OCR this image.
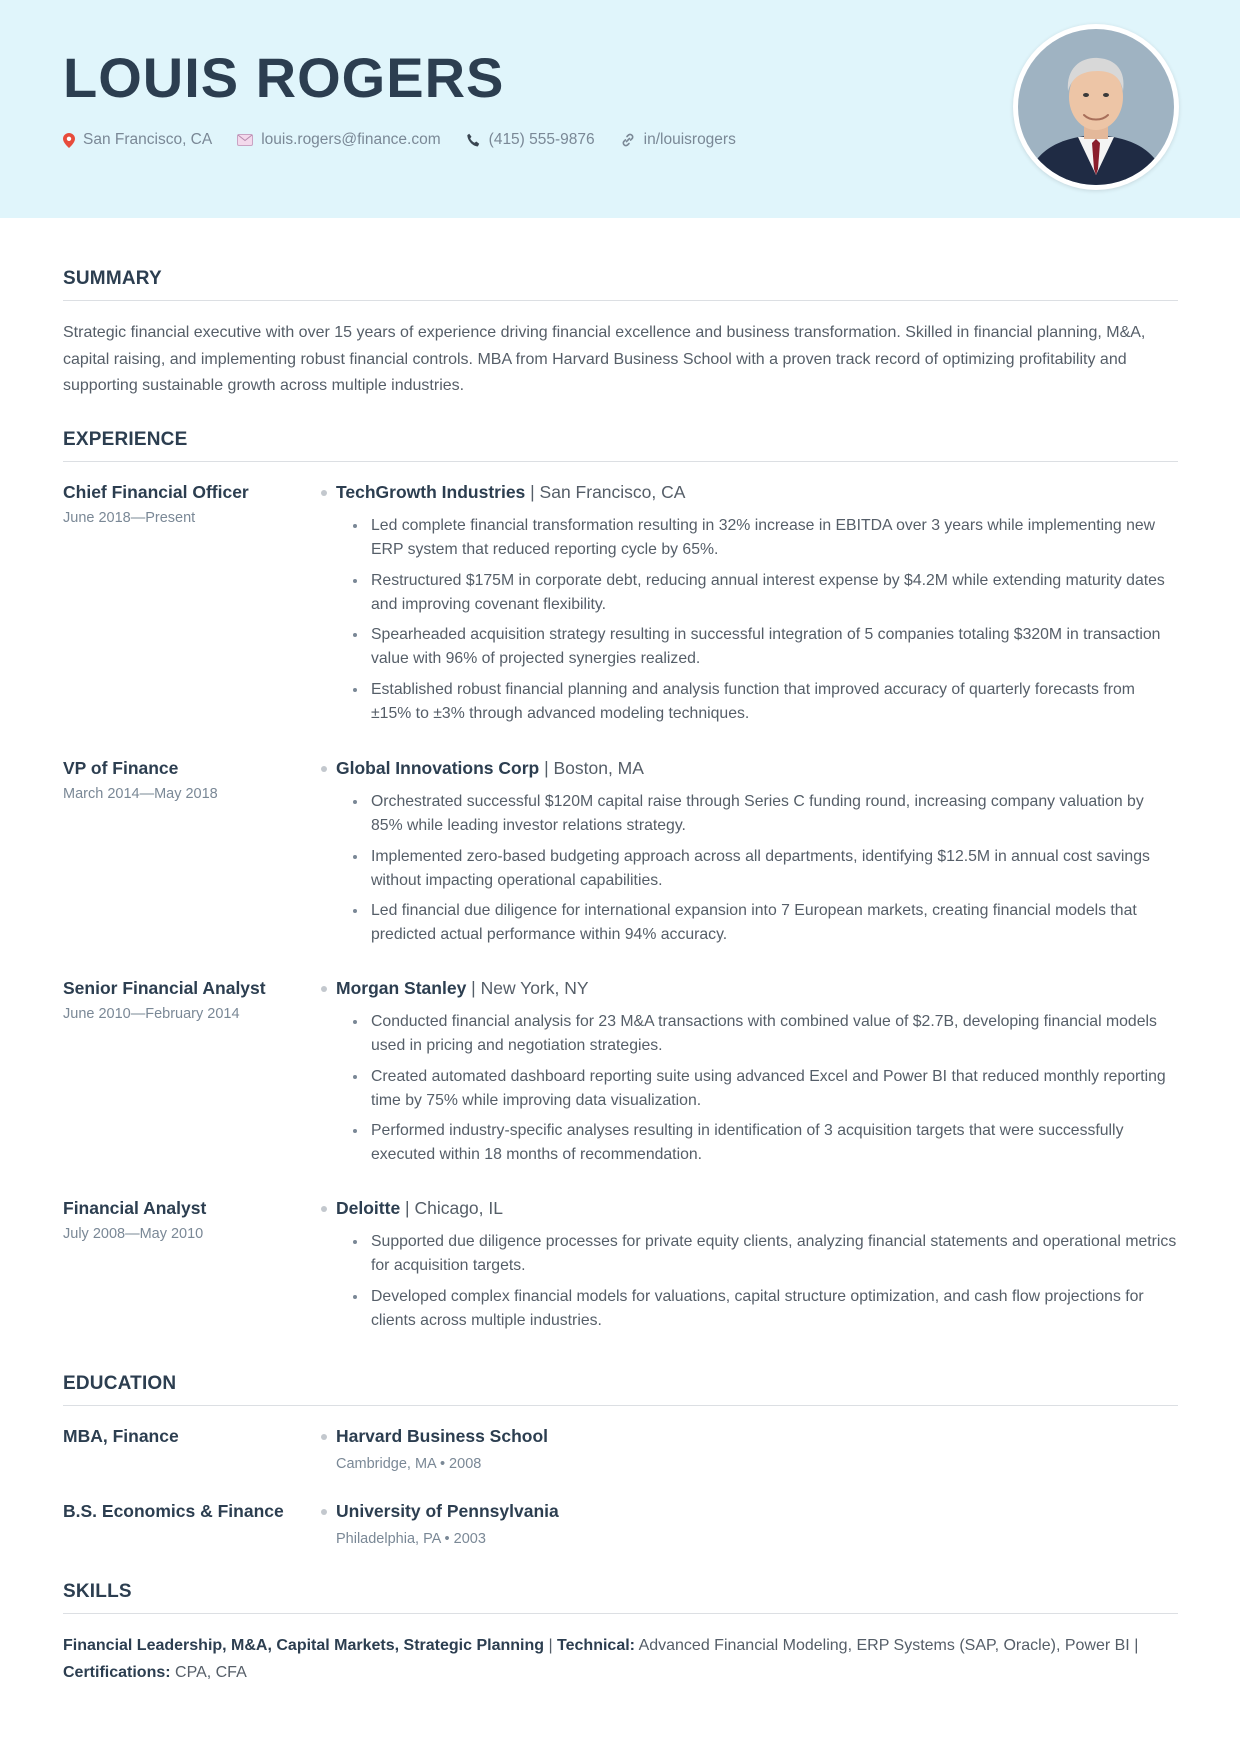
LOUIS ROGERS
San Francisco, CA	louis.rogers@finance.com	(415) 555-9876	in/louisrogers
SUMMARY
Strategic financial executive with over 15 years of experience driving financial excellence and business transformation. Skilled in financial planning, M&A, capital raising, and implementing robust financial controls. MBA from Harvard Business School with a proven track record of optimizing profitability and supporting sustainable growth across multiple industries.
EXPERIENCE
Chief Financial Officer
June 2018—Present
TechGrowth Industries | San Francisco, CA
Led complete financial transformation resulting in 32% increase in EBITDA over 3 years while implementing new ERP system that reduced reporting cycle by 65%.
Restructured $175M in corporate debt, reducing annual interest expense by $4.2M while extending maturity dates and improving covenant flexibility.
Spearheaded acquisition strategy resulting in successful integration of 5 companies totaling $320M in transaction value with 96% of projected synergies realized.
Established robust financial planning and analysis function that improved accuracy of quarterly forecasts from ±15% to ±3% through advanced modeling techniques.
VP of Finance
March 2014—May 2018
Global Innovations Corp | Boston, MA
Orchestrated successful $120M capital raise through Series C funding round, increasing company valuation by 85% while leading investor relations strategy.
Implemented zero-based budgeting approach across all departments, identifying $12.5M in annual cost savings without impacting operational capabilities.
Led financial due diligence for international expansion into 7 European markets, creating financial models that predicted actual performance within 94% accuracy.
Senior Financial Analyst
June 2010—February 2014
Morgan Stanley | New York, NY
Conducted financial analysis for 23 M&A transactions with combined value of $2.7B, developing financial models used in pricing and negotiation strategies.
Created automated dashboard reporting suite using advanced Excel and Power BI that reduced monthly reporting time by 75% while improving data visualization.
Performed industry-specific analyses resulting in identification of 3 acquisition targets that were successfully executed within 18 months of recommendation.
Financial Analyst
July 2008—May 2010
Deloitte | Chicago, IL
Supported due diligence processes for private equity clients, analyzing financial statements and operational metrics for acquisition targets.
Developed complex financial models for valuations, capital structure optimization, and cash flow projections for clients across multiple industries.
EDUCATION
MBA, Finance	Harvard Business School
Cambridge, MA • 2008
B.S. Economics & Finance	University of Pennsylvania
Philadelphia, PA • 2003
SKILLS
Financial Leadership, M&A, Capital Markets, Strategic Planning | Technical: Advanced Financial Modeling, ERP Systems (SAP, Oracle), Power BI | Certifications: CPA, CFA
